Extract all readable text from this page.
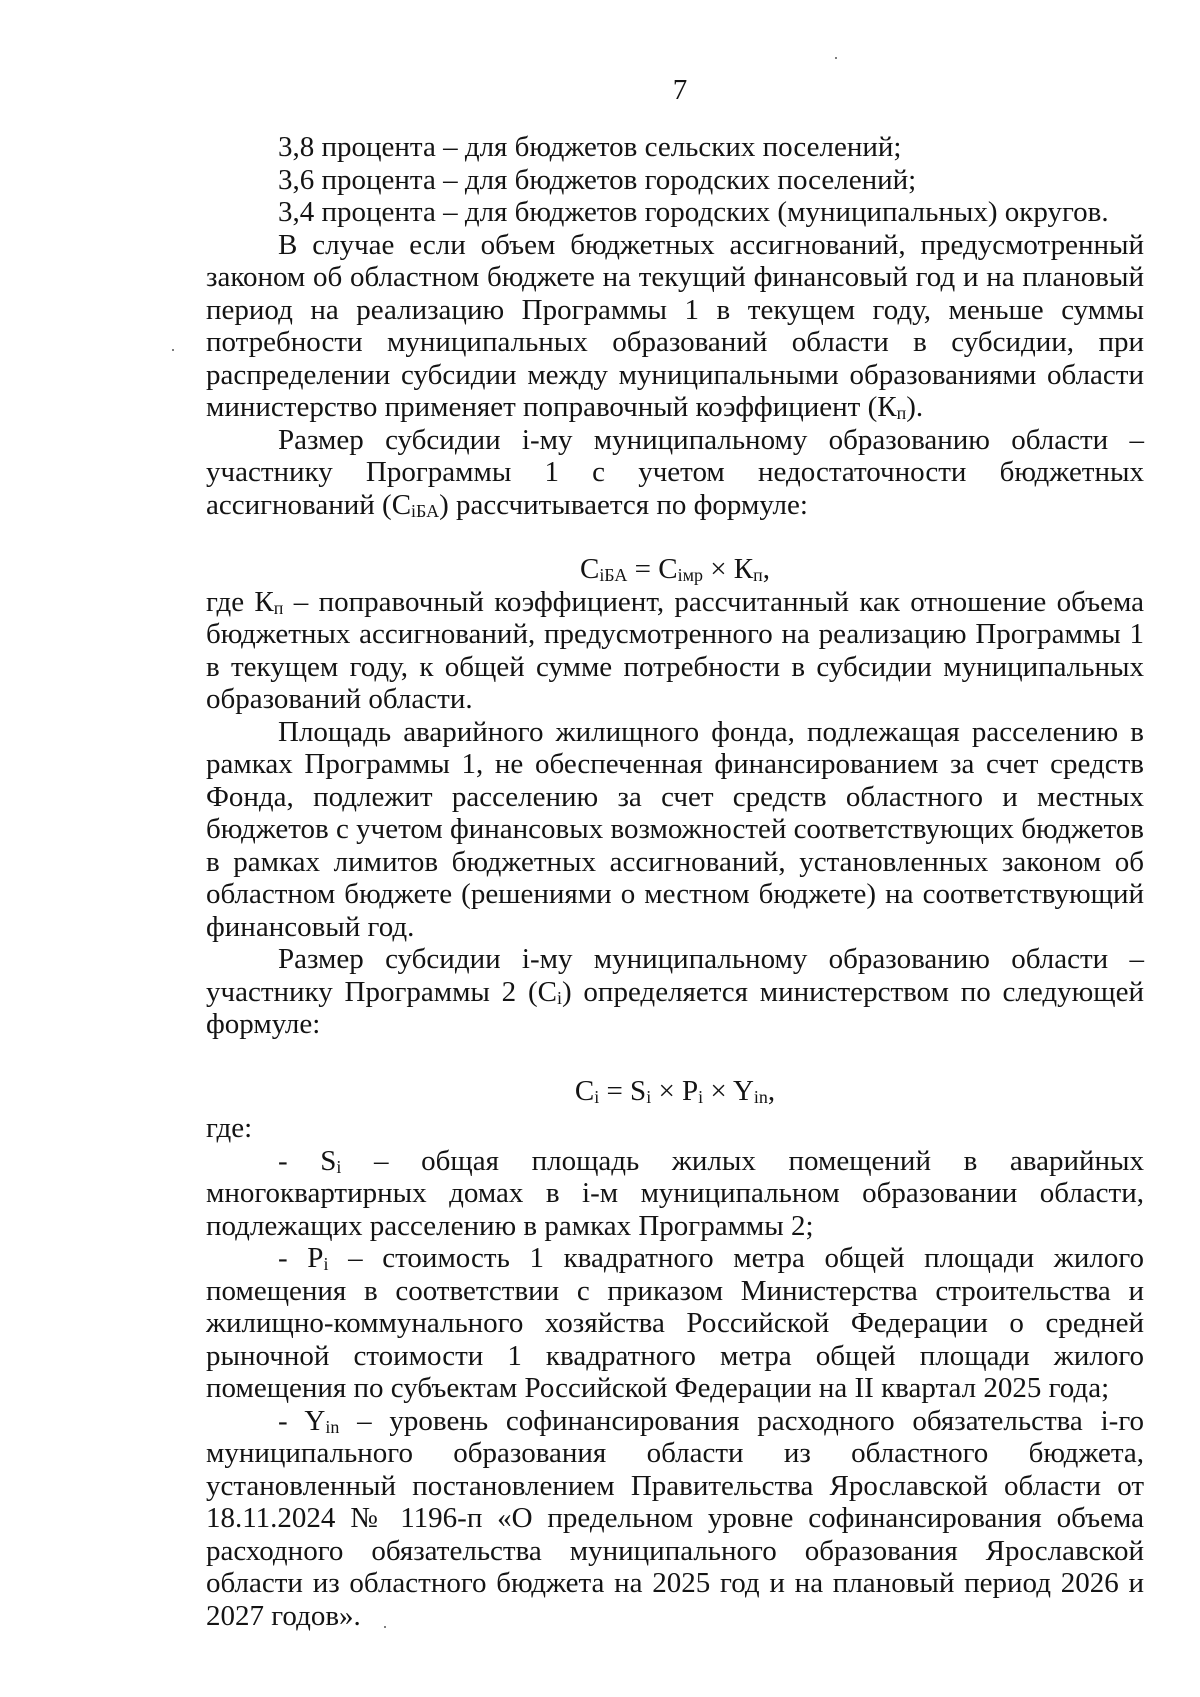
7

3,8 процента – для бюджетов сельских поселений;

3,6 процента – для бюджетов городских поселений;

3,4 процента – для бюджетов городских (муниципальных) округов.

В случае если объем бюджетных ассигнований, предусмотренный законом об областном бюджете на текущий финансовый год и на плановый период на реализацию Программы 1 в текущем году, меньше суммы потребности муниципальных образований области в субсидии, при распределении субсидии между муниципальными образованиями области министерство применяет поправочный коэффициент $(К_п)$.

Размер субсидии i-му муниципальному образованию области – участнику Программы 1 с учетом недостаточности бюджетных ассигнований $(С_{iБА})$ рассчитывается по формуле:

$С_{iБА} = С_{iмр} \times К_п$,

где $К_п$ – поправочный коэффициент, рассчитанный как отношение объема бюджетных ассигнований, предусмотренного на реализацию Программы 1 в текущем году, к общей сумме потребности в субсидии муниципальных образований области.

Площадь аварийного жилищного фонда, подлежащая расселению в рамках Программы 1, не обеспеченная финансированием за счет средств Фонда, подлежит расселению за счет средств областного и местных бюджетов с учетом финансовых возможностей соответствующих бюджетов в рамках лимитов бюджетных ассигнований, установленных законом об областном бюджете (решениями о местном бюджете) на соответствующий финансовый год.

Размер субсидии i-му муниципальному образованию области – участнику Программы 2 $(С_i)$ определяется министерством по следующей формуле:

$С_i = S_i \times P_i \times Y_{in}$,

где:

- $S_i$ – общая площадь жилых помещений в аварийных многоквартирных домах в i-м муниципальном образовании области, подлежащих расселению в рамках Программы 2;

- $P_i$ – стоимость 1 квадратного метра общей площади жилого помещения в соответствии с приказом Министерства строительства и жилищно-коммунального хозяйства Российской Федерации о средней рыночной стоимости 1 квадратного метра общей площади жилого помещения по субъектам Российской Федерации на II квартал 2025 года;

- $Y_{in}$ – уровень софинансирования расходного обязательства i-го муниципального образования области из областного бюджета, установленный постановлением Правительства Ярославской области от 18.11.2024 № 1196-п «О предельном уровне софинансирования объема расходного обязательства муниципального образования Ярославской области из областного бюджета на 2025 год и на плановый период 2026 и 2027 годов».
